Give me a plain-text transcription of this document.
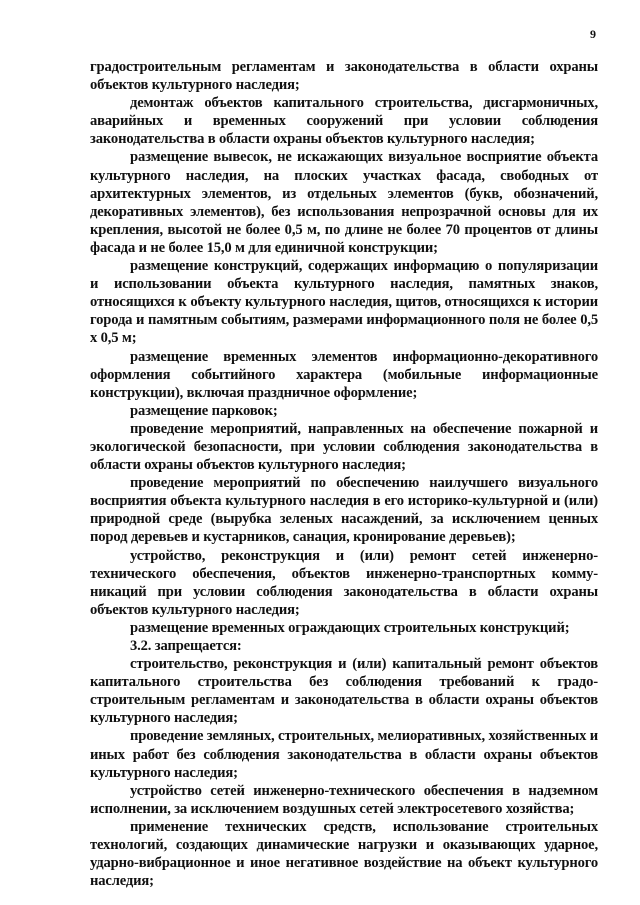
9

градостроительным регламентам и законодательства в области охраны объектов культурного наследия;

демонтаж объектов капитального строительства, дисгармоничных, аварийных и временных сооружений при условии соблюдения законодательства в области охраны объектов культурного наследия;

размещение вывесок, не искажающих визуальное восприятие объекта культурного наследия, на плоских участках фасада, свободных от архитектурных элементов, из отдельных элементов (букв, обозначений, декоративных элементов), без использования непрозрачной основы для их крепления, высотой не более 0,5 м, по длине не более 70 процентов от длины фасада и не более 15,0 м для единичной конструкции;

размещение конструкций, содержащих информацию о популяризации и использовании объекта культурного наследия, памятных знаков, относящихся к объекту культурного наследия, щитов, относящихся к истории города и памятным событиям, размерами информационного поля не более 0,5 х 0,5 м;

размещение временных элементов информационно-декоративного оформления событийного характера (мобильные информационные конструкции), включая праздничное оформление;

размещение парковок;

проведение мероприятий, направленных на обеспечение пожарной и экологической безопасности, при условии соблюдения законодательства в области охраны объектов культурного наследия;

проведение мероприятий по обеспечению наилучшего визуального восприятия объекта культурного наследия в его историко-культурной и (или) природной среде (вырубка зеленых насаждений, за исключением ценных пород деревьев и кустарников, санация, кронирование деревьев);

устройство, реконструкция и (или) ремонт сетей инженерно-технического обеспечения, объектов инженерно-транспортных комму-никаций при условии соблюдения законодательства в области охраны объектов культурного наследия;

размещение временных ограждающих строительных конструкций;

3.2. запрещается:

строительство, реконструкция и (или) капитальный ремонт объектов капитального строительства без соблюдения требований к градо-строительным регламентам и законодательства в области охраны объектов культурного наследия;

проведение земляных, строительных, мелиоративных, хозяйственных и иных работ без соблюдения законодательства в области охраны объектов культурного наследия;

устройство сетей инженерно-технического обеспечения в надземном исполнении, за исключением воздушных сетей электросетевого хозяйства;

применение технических средств, использование строительных технологий, создающих динамические нагрузки и оказывающих ударное, ударно-вибрационное и иное негативное воздействие на объект культурного наследия;
